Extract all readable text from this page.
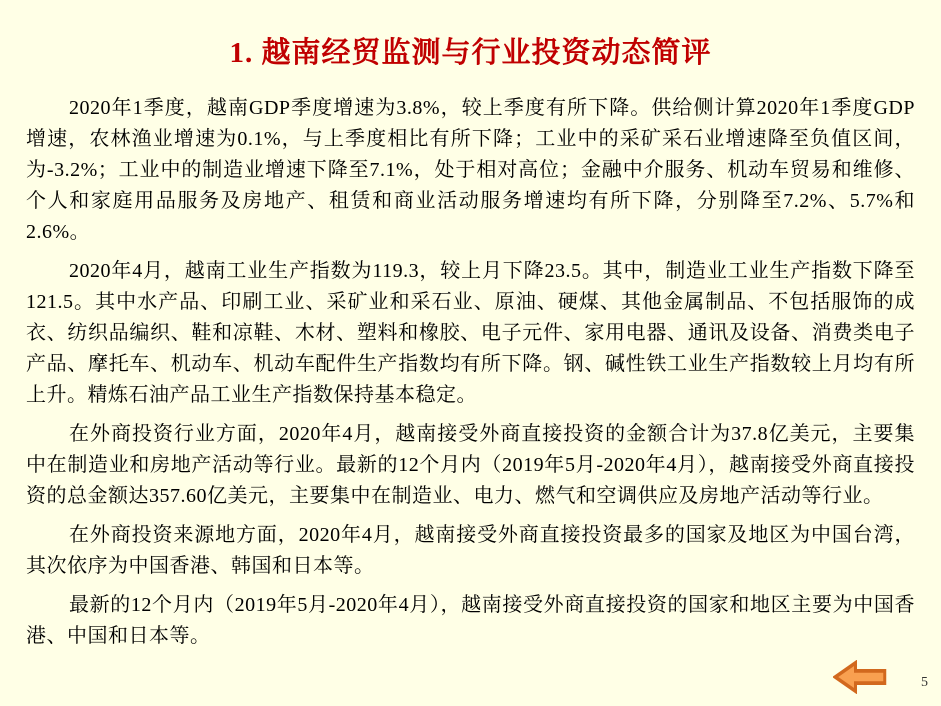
1. 越南经贸监测与行业投资动态简评

2020年1季度，越南GDP季度增速为3.8%，较上季度有所下降。供给侧计算2020年1季度GDP增速，农林渔业增速为0.1%，与上季度相比有所下降；工业中的采矿采石业增速降至负值区间，为-3.2%；工业中的制造业增速下降至7.1%，处于相对高位；金融中介服务、机动车贸易和维修、个人和家庭用品服务及房地产、租赁和商业活动服务增速均有所下降，分别降至7.2%、5.7%和2.6%。

2020年4月，越南工业生产指数为119.3，较上月下降23.5。其中，制造业工业生产指数下降至121.5。其中水产品、印刷工业、采矿业和采石业、原油、硬煤、其他金属制品、不包括服饰的成衣、纺织品编织、鞋和凉鞋、木材、塑料和橡胶、电子元件、家用电器、通讯及设备、消费类电子产品、摩托车、机动车、机动车配件生产指数均有所下降。钢、碱性铁工业生产指数较上月均有所上升。精炼石油产品工业生产指数保持基本稳定。

在外商投资行业方面，2020年4月，越南接受外商直接投资的金额合计为37.8亿美元，主要集中在制造业和房地产活动等行业。最新的12个月内（2019年5月-2020年4月），越南接受外商直接投资的总金额达357.60亿美元，主要集中在制造业、电力、燃气和空调供应及房地产活动等行业。

在外商投资来源地方面，2020年4月，越南接受外商直接投资最多的国家及地区为中国台湾，其次依序为中国香港、韩国和日本等。

最新的12个月内（2019年5月-2020年4月），越南接受外商直接投资的国家和地区主要为中国香港、中国和日本等。

5
